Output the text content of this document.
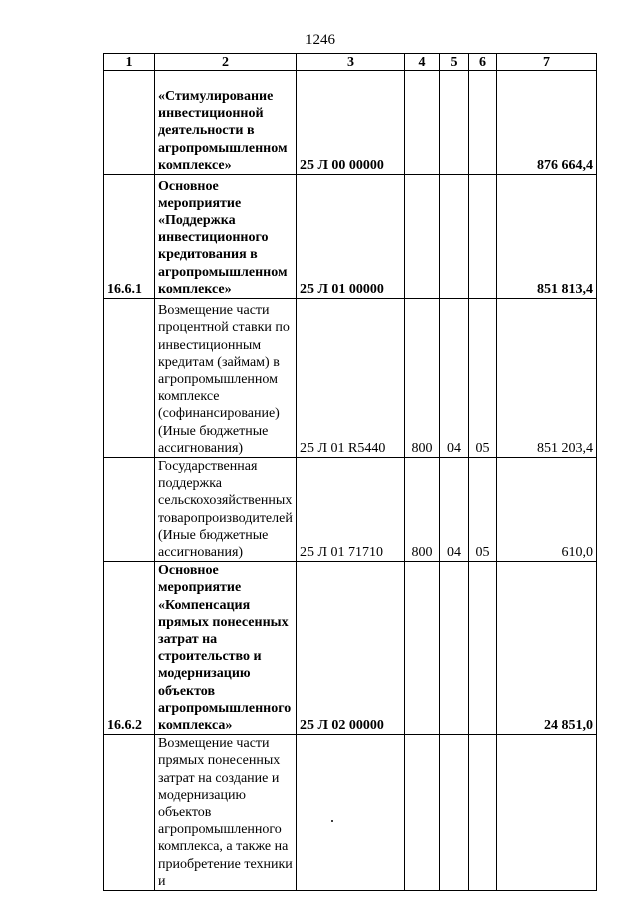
1246
1	2	3	4	5	6	7

	«Стимулирование инвестиционной деятельности в агропромышленном комплексе»	25 Л 00 00000				876 664,4
16.6.1	Основное мероприятие «Поддержка инвестиционного кредитования в агропромышленном комплексе»	25 Л 01 00000				851 813,4

	Возмещение части процентной ставки по инвестиционным кредитам (займам) в агропромышленном комплексе (софинансирование) (Иные бюджетные ассигнования)	25 Л 01 R5440	800	04	05	851 203,4

	Государственная поддержка сельскохозяйственных товаропроизводителей (Иные бюджетные ассигнования)	25 Л 01 71710	800	04	05	610,0
16.6.2	Основное мероприятие «Компенсация прямых понесенных затрат на строительство и модернизацию объектов агропромышленного комплекса»	25 Л 02 00000				24 851,0

	Возмещение части прямых понесенных затрат на создание и модернизацию объектов агропромышленного комплекса, а также на приобретение техники и					
